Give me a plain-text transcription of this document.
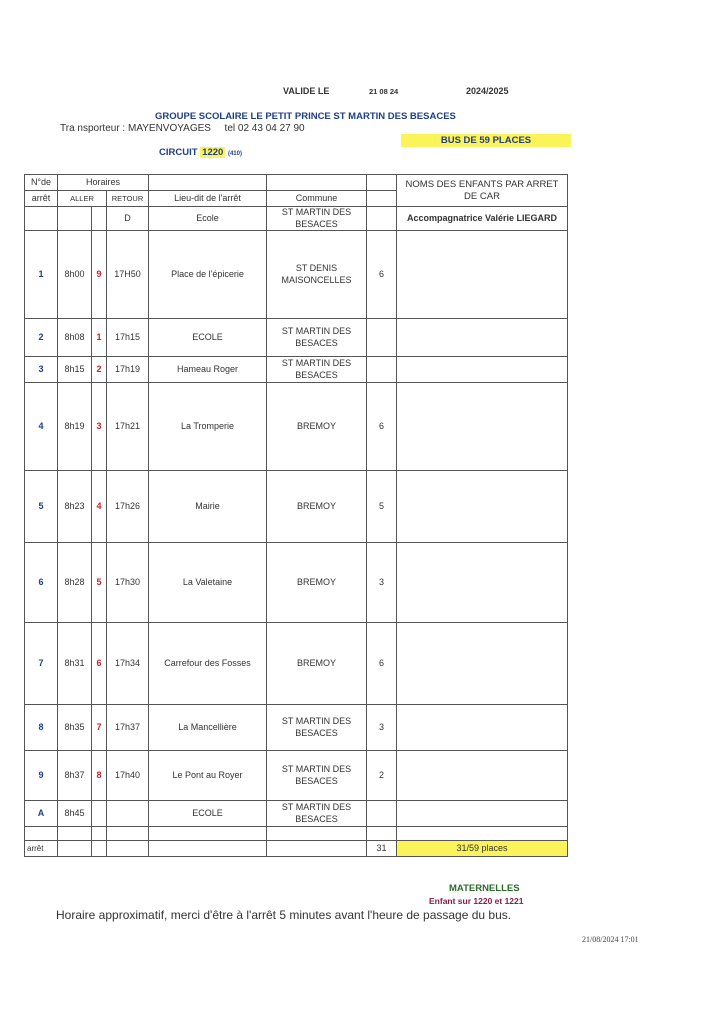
VALIDE LE	21 08 24	2024/2025
GROUPE SCOLAIRE LE PETIT PRINCE ST MARTIN DES BESACES
Tra nsporteur : MAYENVOYAGES tel 02 43 04 27 90
BUS DE 59 PLACES
CIRCUIT 1220 (410)
N°de	Horaires						NOMS DES ENFANTS PAR ARRET DE CAR
arrêt	ALLER		RETOUR	Lieu-dit de l'arrêt	Commune		
			D	Ecole	ST MARTIN DES BESACES		Accompagnatrice Valérie LIEGARD
1	8h00	9	17H50	Place de l'épicerie	ST DENIS MAISONCELLES	6	
2	8h08	1	17h15	ECOLE	ST MARTIN DES BESACES		
3	8h15	2	17h19	Hameau Roger	ST MARTIN DES BESACES		
4	8h19	3	17h21	La Tromperie	BREMOY	6	
5	8h23	4	17h26	Mairie	BREMOY	5	
6	8h28	5	17h30	La Valetaine	BREMOY	3	
7	8h31	6	17h34	Carrefour des Fosses	BREMOY	6	
8	8h35	7	17h37	La Mancellière	ST MARTIN DES BESACES	3	
9	8h37	8	17h40	Le Pont au Royer	ST MARTIN DES BESACES	2	
A	8h45			ECOLE	ST MARTIN DES BESACES		

arrêt						31	31/59 places
MATERNELLES
Enfant sur 1220 et 1221
Horaire approximatif, merci d'être à l'arrêt 5 minutes avant l'heure de passage du bus.
21/08/2024 17:01
